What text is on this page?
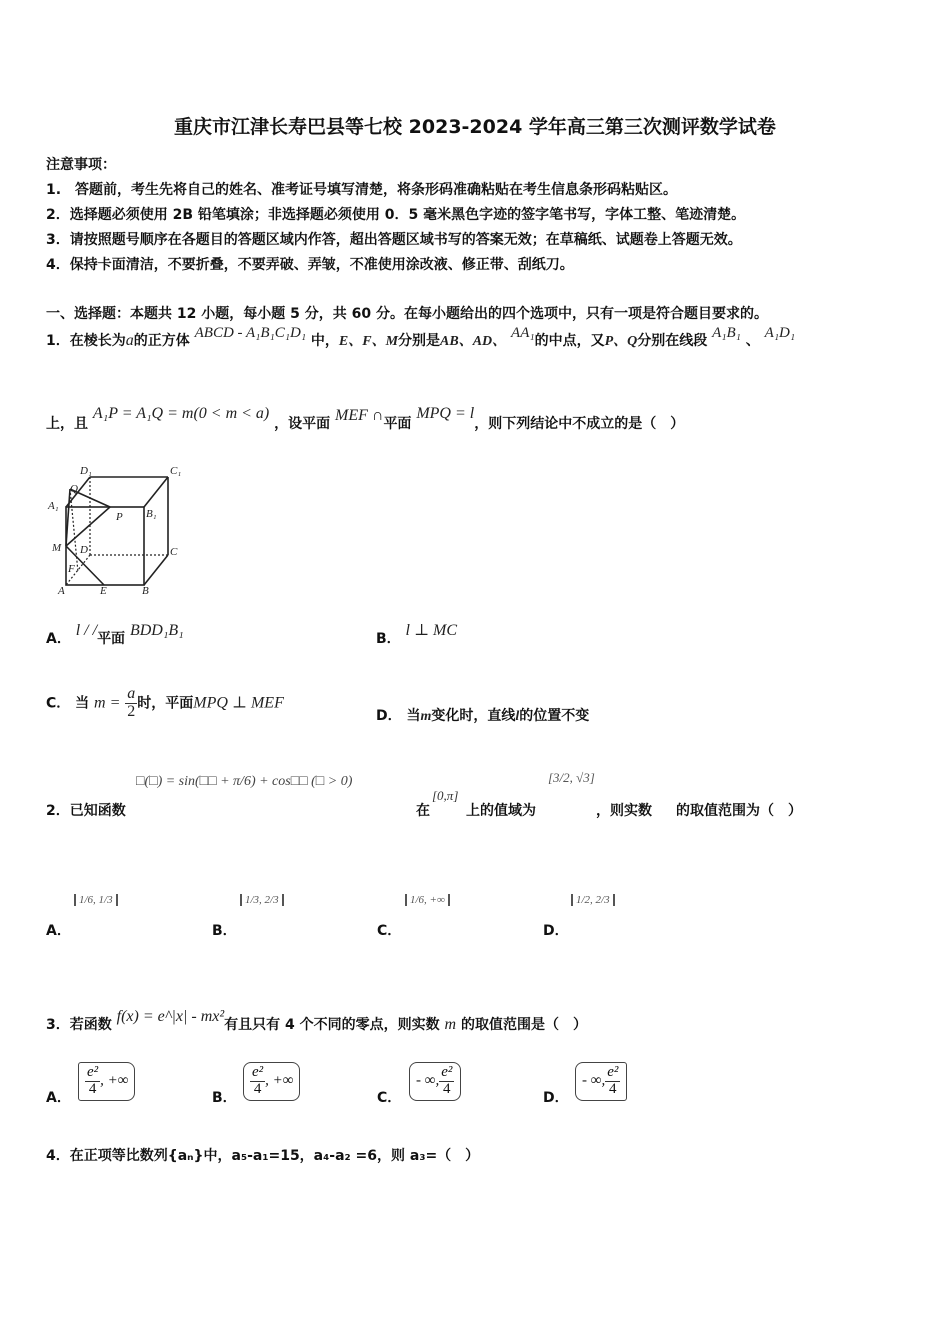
重庆市江津长寿巴县等七校 2023-2024 学年高三第三次测评数学试卷
注意事项：
1.　答题前，考生先将自己的姓名、准考证号填写清楚，将条形码准确粘贴在考生信息条形码粘贴区。
2．选择题必须使用 2B 铅笔填涂；非选择题必须使用 0．5 毫米黑色字迹的签字笔书写，字体工整、笔迹清楚。
3．请按照题号顺序在各题目的答题区域内作答，超出答题区域书写的答案无效；在草稿纸、试题卷上答题无效。
4．保持卡面清洁，不要折叠，不要弄破、弄皱，不准使用涂改液、修正带、刮纸刀。
一、选择题：本题共 12 小题，每小题 5 分，共 60 分。在每小题给出的四个选项中，只有一项是符合题目要求的。
1．在棱长为a的正方体 ABCD - A₁B₁C₁D₁ 中，E、F、M分别是AB、AD、 AA₁的中点，又P、Q分别在线段 A₁B₁ 、 A₁D₁
上，且 A₁P = A₁Q = m(0 < m < a) ，设平面 MEF ∩平面 MPQ = l，则下列结论中不成立的是（　）
D₁	C₁
Q
A₁
P B₁
M D	C
F
A	E	B
A． l / /平面 BDD₁B₁	B． l ⊥ MC
C． 当 $m = \frac{a}{2}$ 时，平面MPQ ⊥ MEF
D． 当m变化时，直线l的位置不变
□(□) = sin(□□ + π/6) + cos□□ (□ > 0)
2．已知函数	在
[0,π]
上的值域为
[3/2, √3]
，则实数 的取值范围为（　）
1/6, 1/3
A．
1/3, 2/3
B．
1/6, +∞
C．
1/2, 2/3
D．
3．若函数 f(x) = e^|x| - mx²有且只有 4 个不同的零点，则实数 m 的取值范围是（　）
A．
$\frac{\text{e²}}{4}$ , +∞
B．
$\frac{\text{e²}}{4}$ , +∞
C．
- ∞, $\frac{\text{e²}}{4}$
D．
- ∞, $\frac{\text{e²}}{4}$
4．在正项等比数列{aₙ}中，a₅-a₁=15，a₄-a₂ =6，则 a₃=（　）
